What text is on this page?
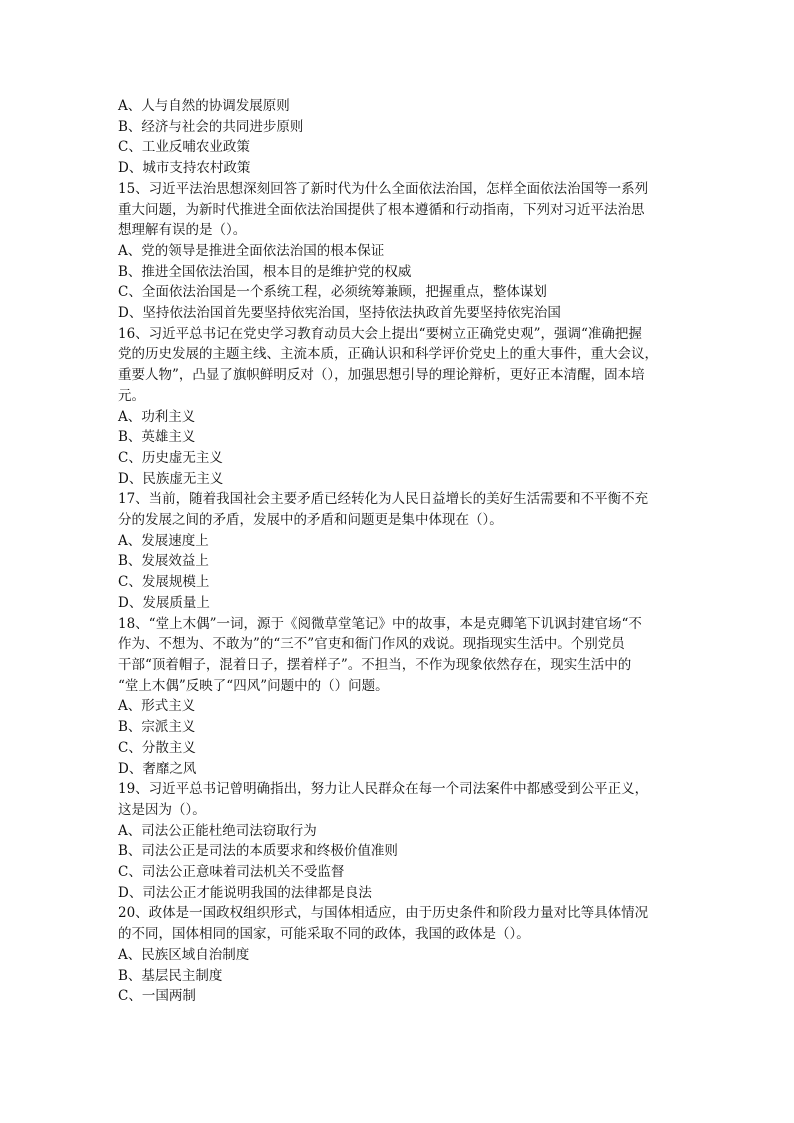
A、人与自然的协调发展原则
B、经济与社会的共同进步原则
C、工业反哺农业政策
D、城市支持农村政策
15、习近平法治思想深刻回答了新时代为什么全面依法治国，怎样全面依法治国等一系列
重大问题，为新时代推进全面依法治国提供了根本遵循和行动指南，下列对习近平法治思
想理解有误的是（）。
A、党的领导是推进全面依法治国的根本保证
B、推进全国依法治国，根本目的是维护党的权威
C、全面依法治国是一个系统工程，必须统筹兼顾，把握重点，整体谋划
D、坚持依法治国首先要坚持依宪治国，坚持依法执政首先要坚持依宪治国
16、习近平总书记在党史学习教育动员大会上提出“要树立正确党史观”，强调“准确把握
党的历史发展的主题主线、主流本质，正确认识和科学评价党史上的重大事件，重大会议，
重要人物”，凸显了旗帜鲜明反对（），加强思想引导的理论辩析，更好正本清醒，固本培
元。
A、功利主义
B、英雄主义
C、历史虚无主义
D、民族虚无主义
17、当前，随着我国社会主要矛盾已经转化为人民日益增长的美好生活需要和不平衡不充
分的发展之间的矛盾，发展中的矛盾和问题更是集中体现在（）。
A、发展速度上
B、发展效益上
C、发展规模上
D、发展质量上
18、“堂上木偶”一词，源于《阅微草堂笔记》中的故事，本是克卿笔下讥讽封建官场“不
作为、不想为、不敢为”的“三不”官吏和衙门作风的戏说。现指现实生活中。个别党员
干部“顶着帽子，混着日子，摆着样子”。不担当，不作为现象依然存在，现实生活中的
“堂上木偶”反映了“四风”问题中的（）问题。
A、形式主义
B、宗派主义
C、分散主义
D、奢靡之风
19、习近平总书记曾明确指出，努力让人民群众在每一个司法案件中都感受到公平正义，
这是因为（）。
A、司法公正能杜绝司法窃取行为
B、司法公正是司法的本质要求和终极价值准则
C、司法公正意味着司法机关不受监督
D、司法公正才能说明我国的法律都是良法
20、政体是一国政权组织形式，与国体相适应，由于历史条件和阶段力量对比等具体情况
的不同，国体相同的国家，可能采取不同的政体，我国的政体是（）。
A、民族区域自治制度
B、基层民主制度
C、一国两制
